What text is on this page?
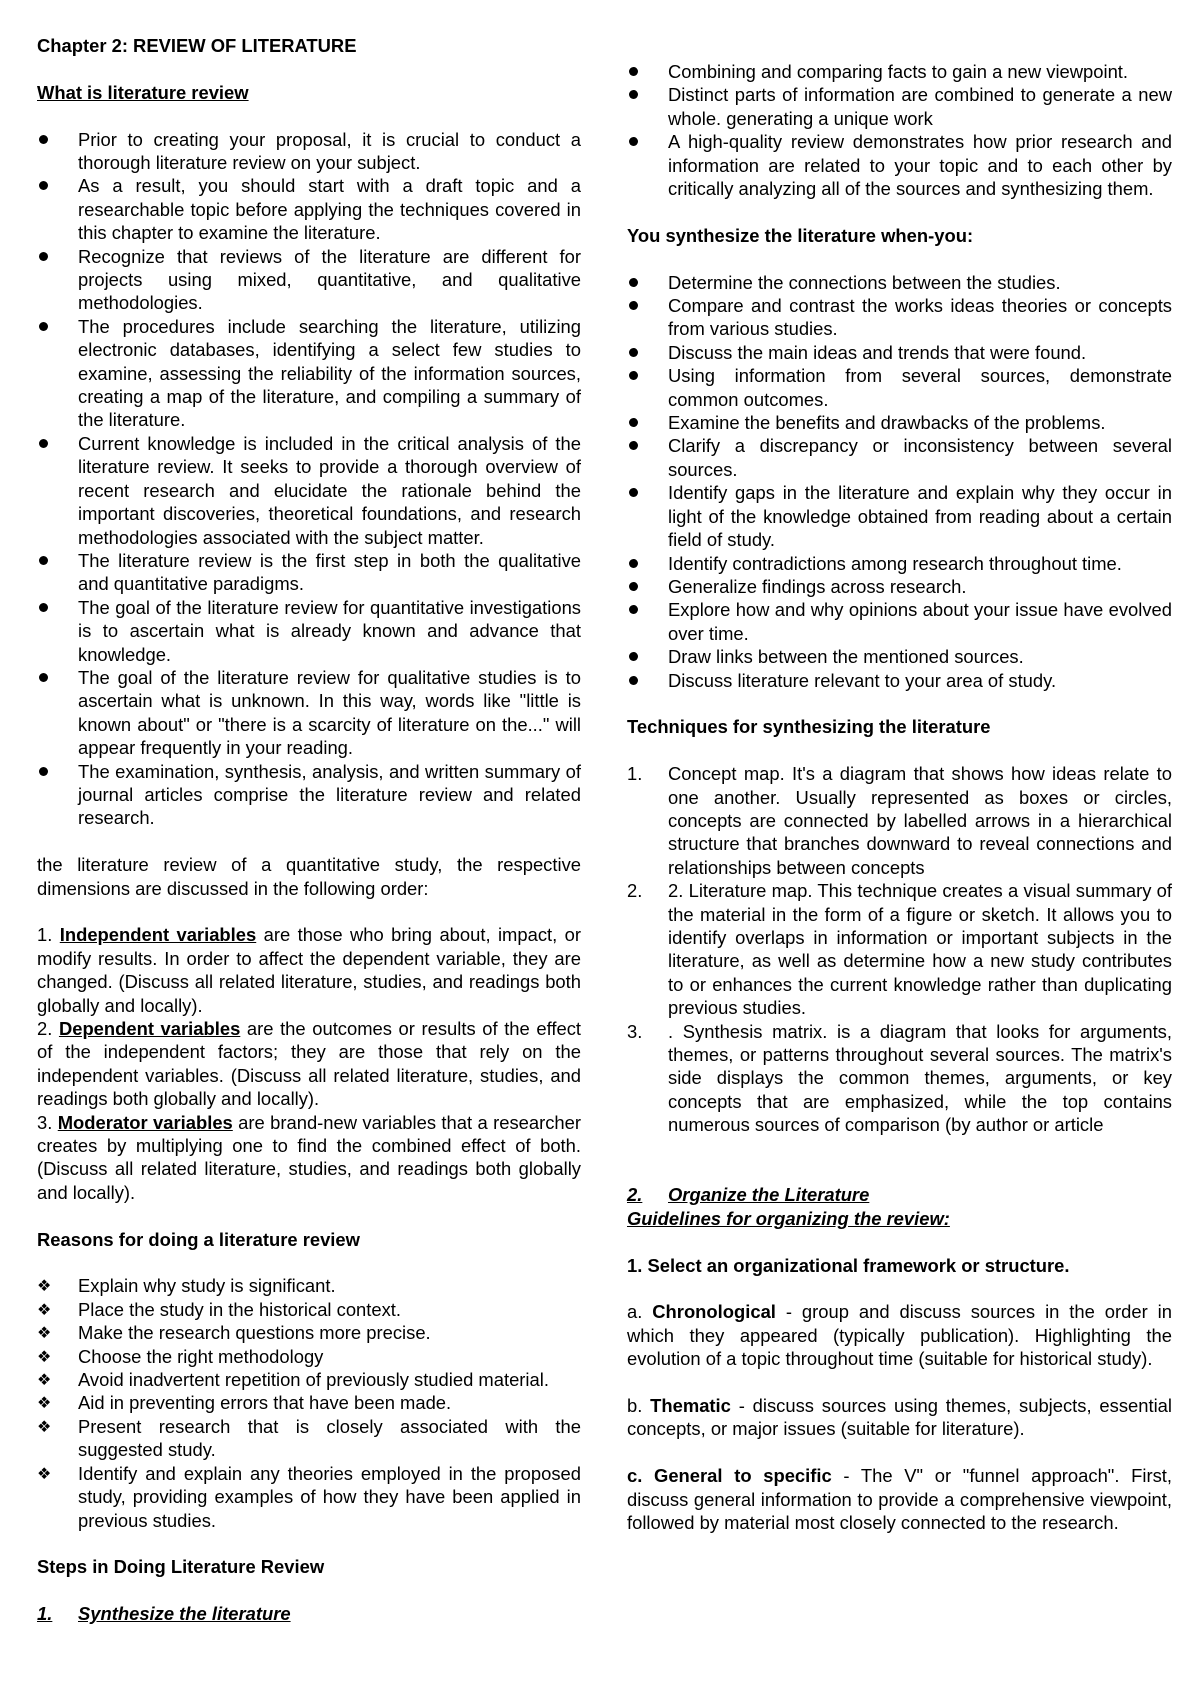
Chapter 2: REVIEW OF LITERATURE

What is literature review

Prior to creating your proposal, it is crucial to conduct a thorough literature review on your subject.
As a result, you should start with a draft topic and a researchable topic before applying the techniques covered in this chapter to examine the literature.
Recognize that reviews of the literature are different for projects using mixed, quantitative, and qualitative methodologies.
The procedures include searching the literature, utilizing electronic databases, identifying a select few studies to examine, assessing the reliability of the information sources, creating a map of the literature, and compiling a summary of the literature.
Current knowledge is included in the critical analysis of the literature review. It seeks to provide a thorough overview of recent research and elucidate the rationale behind the important discoveries, theoretical foundations, and research methodologies associated with the subject matter.
The literature review is the first step in both the qualitative and quantitative paradigms.
The goal of the literature review for quantitative investigations is to ascertain what is already known and advance that knowledge.
The goal of the literature review for qualitative studies is to ascertain what is unknown. In this way, words like "little is known about" or "there is a scarcity of literature on the..." will appear frequently in your reading.
The examination, synthesis, analysis, and written summary of journal articles comprise the literature review and related research.

the literature review of a quantitative study, the respective dimensions are discussed in the following order:

1. Independent variables are those who bring about, impact, or modify results. In order to affect the dependent variable, they are changed. (Discuss all related literature, studies, and readings both globally and locally).

2. Dependent variables are the outcomes or results of the effect of the independent factors; they are those that rely on the independent variables. (Discuss all related literature, studies, and readings both globally and locally).

3. Moderator variables are brand-new variables that a researcher creates by multiplying one to find the combined effect of both. (Discuss all related literature, studies, and readings both globally and locally).

Reasons for doing a literature review

❖ Explain why study is significant.
❖ Place the study in the historical context.
❖ Make the research questions more precise.
❖ Choose the right methodology
❖ Avoid inadvertent repetition of previously studied material.
❖ Aid in preventing errors that have been made.
❖ Present research that is closely associated with the suggested study.
❖ Identify and explain any theories employed in the proposed study, providing examples of how they have been applied in previous studies.

Steps in Doing Literature Review

1. Synthesize the literature
Combining and comparing facts to gain a new viewpoint.
Distinct parts of information are combined to generate a new whole. generating a unique work
A high-quality review demonstrates how prior research and information are related to your topic and to each other by critically analyzing all of the sources and synthesizing them.

You synthesize the literature when-you:

Determine the connections between the studies.
Compare and contrast the works ideas theories or concepts from various studies.
Discuss the main ideas and trends that were found.
Using information from several sources, demonstrate common outcomes.
Examine the benefits and drawbacks of the problems.
Clarify a discrepancy or inconsistency between several sources.
Identify gaps in the literature and explain why they occur in light of the knowledge obtained from reading about a certain field of study.
Identify contradictions among research throughout time.
Generalize findings across research.
Explore how and why opinions about your issue have evolved over time.
Draw links between the mentioned sources.
Discuss literature relevant to your area of study.

Techniques for synthesizing the literature

1. Concept map. It's a diagram that shows how ideas relate to one another. Usually represented as boxes or circles, concepts are connected by labelled arrows in a hierarchical structure that branches downward to reveal connections and relationships between concepts
2. 2. Literature map. This technique creates a visual summary of the material in the form of a figure or sketch. It allows you to identify overlaps in information or important subjects in the literature, as well as determine how a new study contributes to or enhances the current knowledge rather than duplicating previous studies.
3. . Synthesis matrix. is a diagram that looks for arguments, themes, or patterns throughout several sources. The matrix's side displays the common themes, arguments, or key concepts that are emphasized, while the top contains numerous sources of comparison (by author or article
2. Organize the Literature

Guidelines for organizing the review:

1. Select an organizational framework or structure.

a. Chronological - group and discuss sources in the order in which they appeared (typically publication). Highlighting the evolution of a topic throughout time (suitable for historical study).

b. Thematic - discuss sources using themes, subjects, essential concepts, or major issues (suitable for literature).

c. General to specific - The V" or "funnel approach". First, discuss general information to provide a comprehensive viewpoint, followed by material most closely connected to the research.
